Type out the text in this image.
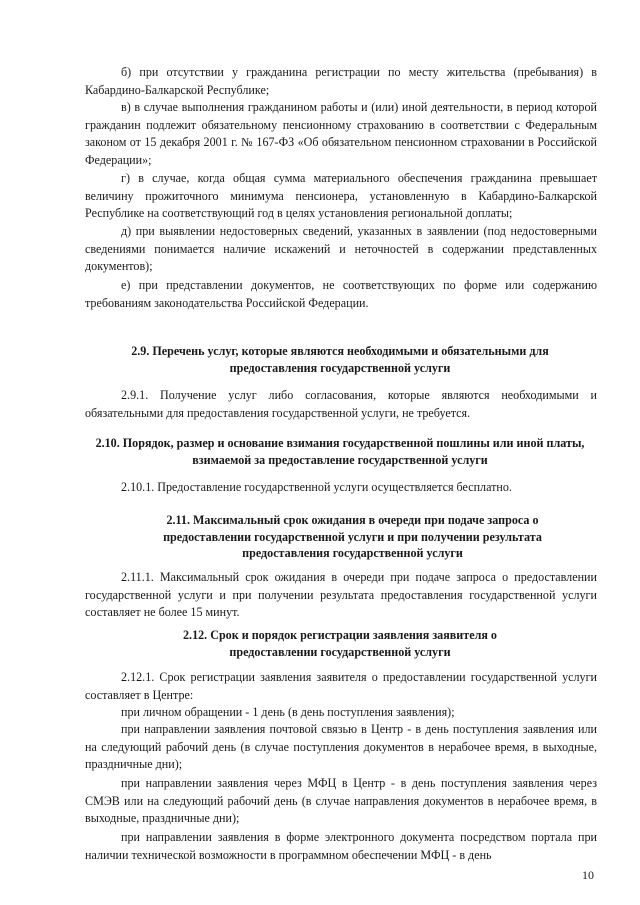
б) при отсутствии у гражданина регистрации по месту жительства (пребывания) в Кабардино-Балкарской Республике;

в) в случае выполнения гражданином работы и (или) иной деятельности, в период которой гражданин подлежит обязательному пенсионному страхованию в соответствии с Федеральным законом от 15 декабря 2001 г. № 167-ФЗ «Об обязательном пенсионном страховании в Российской Федерации»;

г) в случае, когда общая сумма материального обеспечения гражданина превышает величину прожиточного минимума пенсионера, установленную в Кабардино-Балкарской Республике на соответствующий год в целях установления региональной доплаты;

д) при выявлении недостоверных сведений, указанных в заявлении (под недостоверными сведениями понимается наличие искажений и неточностей в содержании представленных документов);

е) при представлении документов, не соответствующих по форме или содержанию требованиям законодательства Российской Федерации.

2.9. Перечень услуг, которые являются необходимыми и обязательными для предоставления государственной услуги

2.9.1. Получение услуг либо согласования, которые являются необходимыми и обязательными для предоставления государственной услуги, не требуется.

2.10. Порядок, размер и основание взимания государственной пошлины или иной платы, взимаемой за предоставление государственной услуги

2.10.1. Предоставление государственной услуги осуществляется бесплатно.

2.11. Максимальный срок ожидания в очереди при подаче запроса о предоставлении государственной услуги и при получении результата предоставления государственной услуги

2.11.1. Максимальный срок ожидания в очереди при подаче запроса о предоставлении государственной услуги и при получении результата предоставления государственной услуги составляет не более 15 минут.

2.12. Срок и порядок регистрации заявления заявителя о предоставлении государственной услуги

2.12.1. Срок регистрации заявления заявителя о предоставлении государственной услуги составляет в Центре:

при личном обращении - 1 день (в день поступления заявления);

при направлении заявления почтовой связью в Центр - в день поступления заявления или на следующий рабочий день (в случае поступления документов в нерабочее время, в выходные, праздничные дни);

при направлении заявления через МФЦ в Центр - в день поступления заявления через СМЭВ или на следующий рабочий день (в случае направления документов в нерабочее время, в выходные, праздничные дни);

при направлении заявления в форме электронного документа посредством портала при наличии технической возможности в программном обеспечении МФЦ - в день

10
